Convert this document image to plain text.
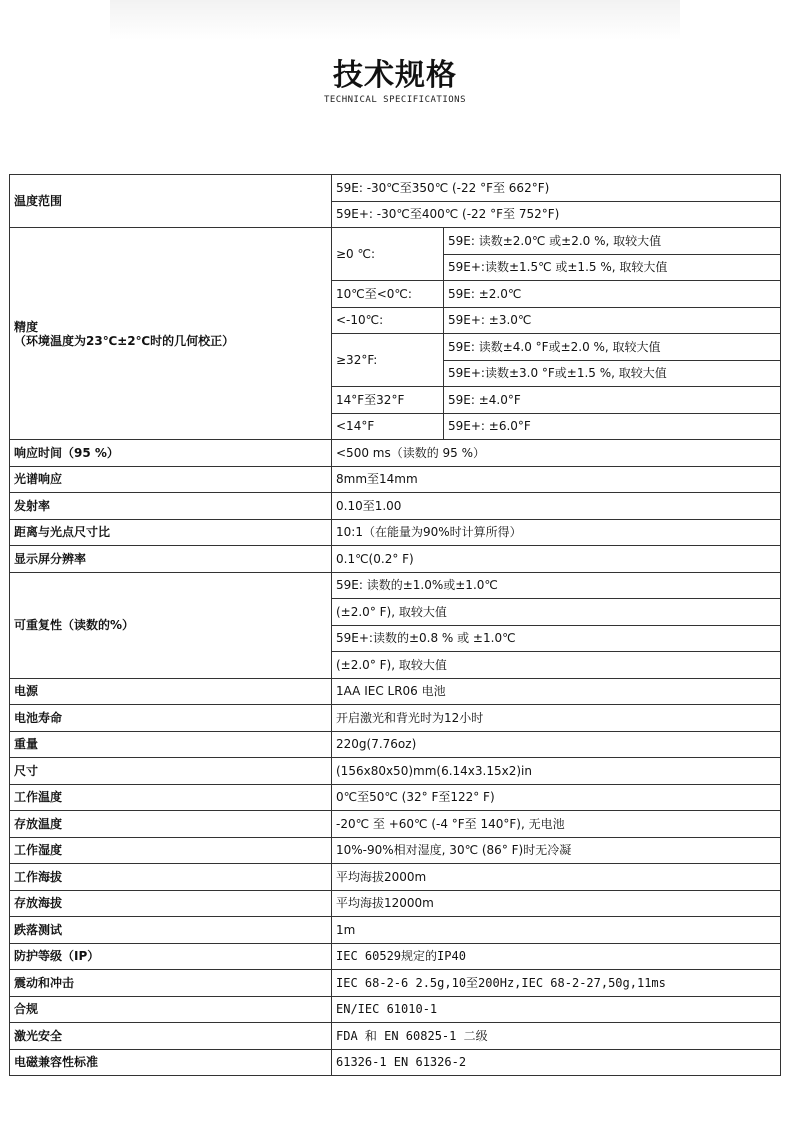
技术规格
TECHNICAL SPECIFICATIONS
温度范围	59E: -30℃至350℃ (-22 °F至 662°F)	
	59E+: -30℃至400℃ (-22 °F至 752°F)	
精度
（环境温度为23℃±2℃时的几何校正）	≥0 ℃:	59E: 读数±2.0℃ 或±2.0 %, 取较大值
		59E+:读数±1.5℃ 或±1.5 %, 取较大值
	10℃至<0℃:	59E: ±2.0℃
	<-10℃:	59E+: ±3.0℃
	≥32°F:	59E: 读数±4.0 °F或±2.0 %, 取较大值
		59E+:读数±3.0 °F或±1.5 %, 取较大值
	14°F至32°F	59E: ±4.0°F
	<14°F	59E+: ±6.0°F
响应时间（95 %）	<500 ms（读数的 95 %）	
光谱响应	8mm至14mm	
发射率	0.10至1.00	
距离与光点尺寸比	10:1（在能量为90%时计算所得）	
显示屏分辨率	0.1℃(0.2° F)	
可重复性（读数的%）	59E: 读数的±1.0%或±1.0℃	
	(±2.0° F), 取较大值	
	59E+:读数的±0.8 % 或 ±1.0℃	
	(±2.0° F), 取较大值	
电源	1AA IEC LR06 电池	
电池寿命	开启激光和背光时为12小时	
重量	220g(7.76oz)	
尺寸	(156x80x50)mm(6.14x3.15x2)in	
工作温度	0℃至50℃ (32° F至122° F)	
存放温度	-20℃ 至 +60℃ (-4 °F至 140°F), 无电池	
工作湿度	10%-90%相对湿度, 30℃ (86° F)时无冷凝	
工作海拔	平均海拔2000m	
存放海拔	平均海拔12000m	
跌落测试	1m	
防护等级（IP）	IEC 60529规定的IP40	
震动和冲击	IEC 68-2-6 2.5g,10至200Hz,IEC 68-2-27,50g,11ms	
合规	EN/IEC 61010-1	
激光安全	FDA 和 EN 60825-1 二级	
电磁兼容性标准	61326-1 EN 61326-2	
